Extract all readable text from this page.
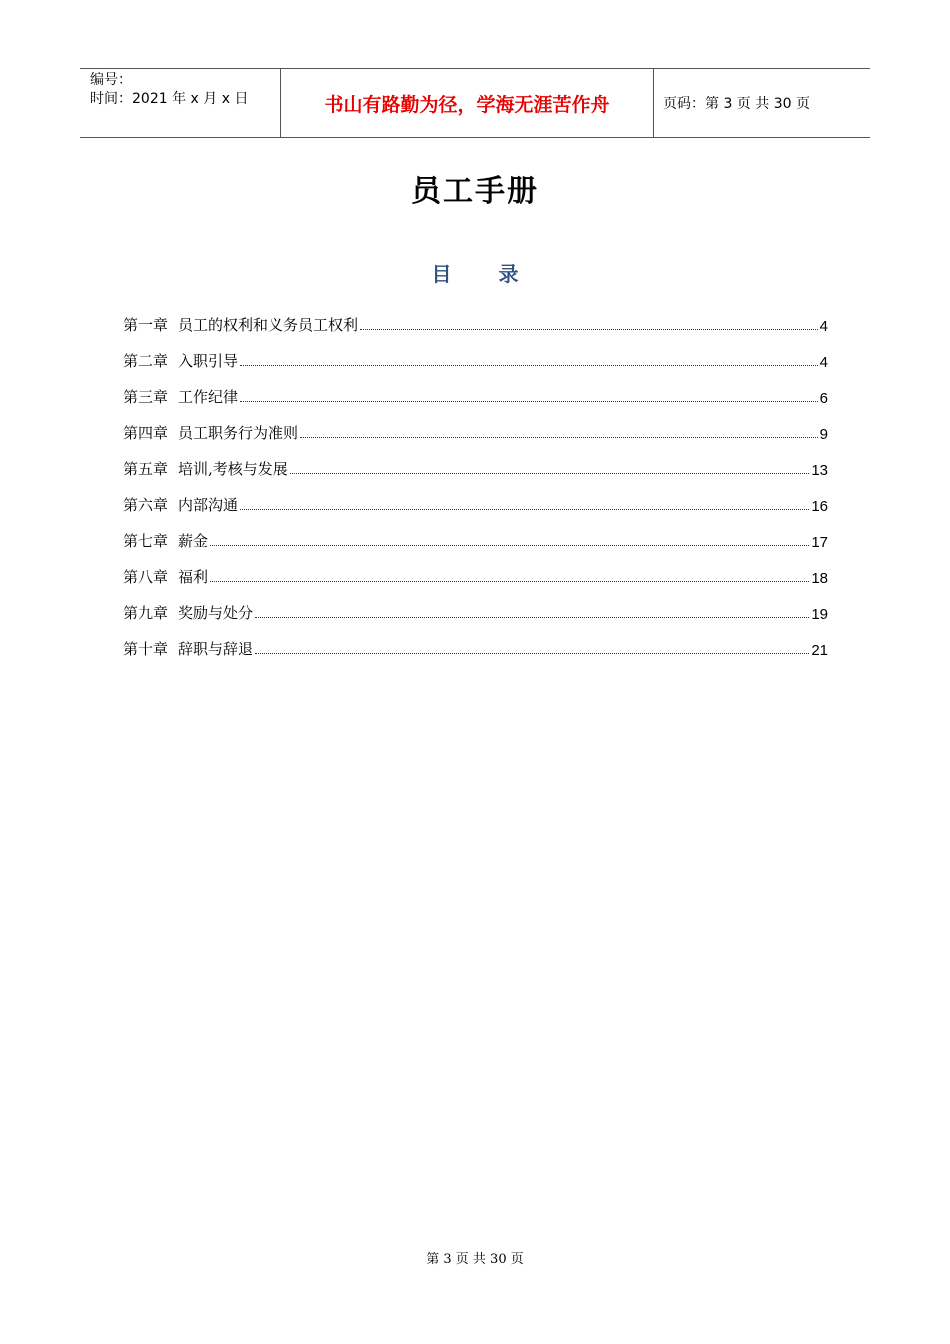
编号：
时间：2021 年 x 月 x 日	书山有路勤为径，学海无涯苦作舟	页码：第 3 页 共 30 页
员工手册
目 录
第一章 员工的权利和义务员工权利	4
第二章 入职引导	4
第三章 工作纪律	6
第四章 员工职务行为准则	9
第五章 培训,考核与发展	13
第六章 内部沟通	16
第七章 薪金	17
第八章 福利	18
第九章 奖励与处分	19
第十章 辞职与辞退	21
第 3 页 共 30 页
